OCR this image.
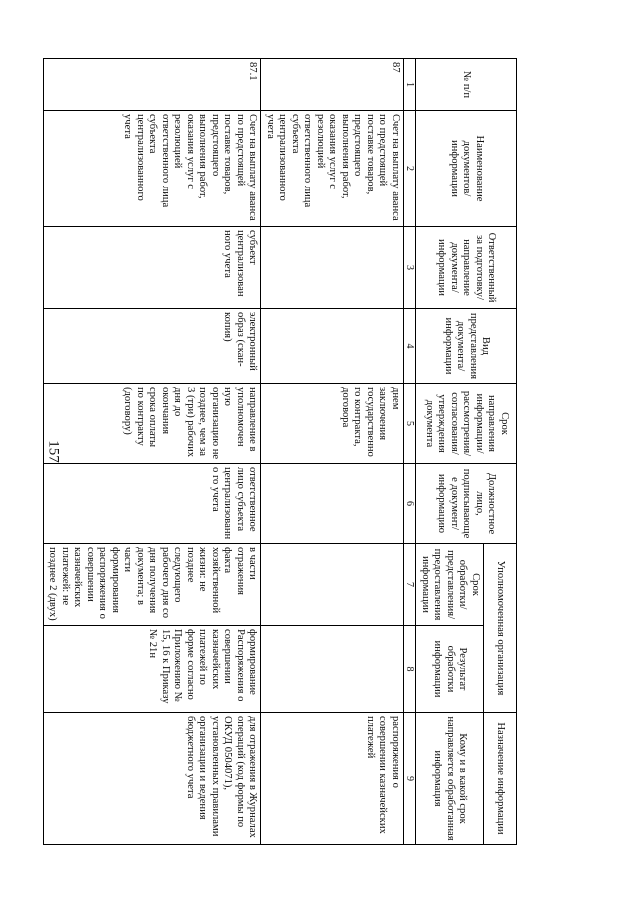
157
№ п/п	Наименование документов/ информации	Ответственный за подготовку/ направление документа/ информации	Вид представления документа/ информации	Срок направления информации/ рассмотрения/ согласования/ утверждения документа	Должностное лицо, подписывающее документ/ информацию	Уполномоченная организация		Назначение информации
						Срок обработки/ представления/ предоставления информации	Результат обработки информации	Кому и в какой срок направляется обработанная информация
1	2	3	4	5	6	7	8	9
87	Счет на выплату аванса по предстоящей поставке товаров, предстоящего выполнения работ, оказания услуг с резолюцией ответственного лица субъекта централизованного учета			днем заключения государственного контракта, договора				распоряжения о совершении казначейских платежей
87.1	Счет на выплату аванса по предстоящей поставке товаров, предстоящего выполнения работ, оказания услуг с резолюцией ответственного лица субъекта централизованного учета	субъект централизован ного учета	электронный образ (скан-копия)	направление в уполномочен ную организацию не позднее, чем за 3 (три) рабочих дня до окончания срока оплаты по контракту (договору)	ответственное лицо субъекта централизованно го учета	в части отражения факта хозяйственной жизни: не позднее следующего рабочего дня со дня получения документа; в части формирования распоряжения о совершении казначейских платежей: не позднее 2 (двух)	формирование Распоряжения о совершении казначейских платежей по форме согласно Приложению № 15, 16 к Приказу № 21н	для отражения в Журналах операций (код формы по ОКУД 0504071), установленных правилами организации и ведения бюджетного учета
